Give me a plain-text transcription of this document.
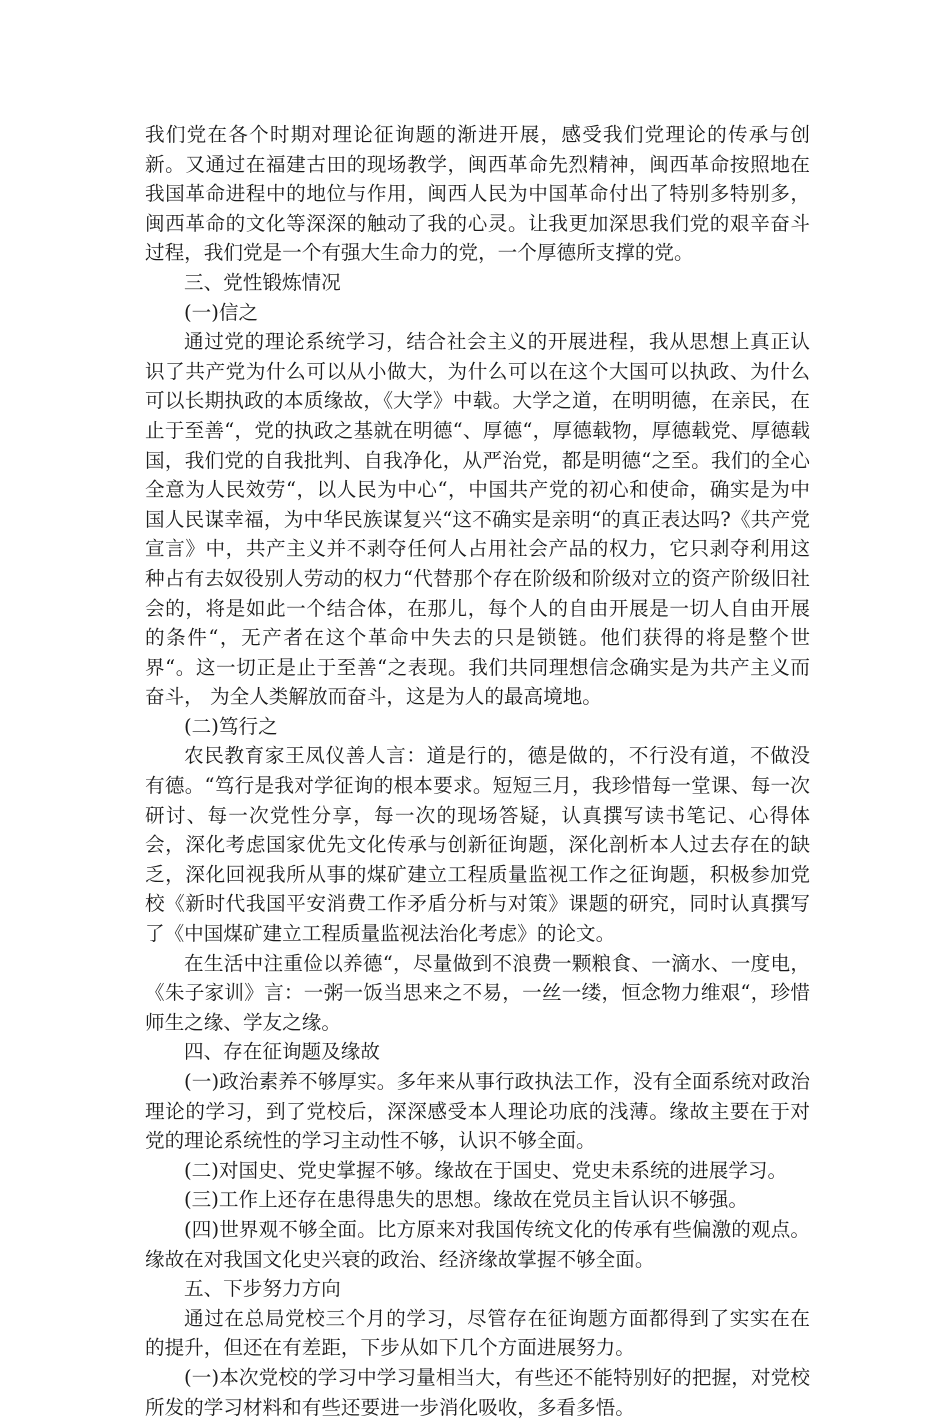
我们党在各个时期对理论征询题的渐进开展，感受我们党理论的传承与创新。又通过在福建古田的现场教学，闽西革命先烈精神，闽西革命按照地在我国革命进程中的地位与作用，闽西人民为中国革命付出了特别多特别多，闽西革命的文化等深深的触动了我的心灵。让我更加深思我们党的艰辛奋斗过程，我们党是一个有强大生命力的党，一个厚德所支撑的党。

三、党性锻炼情况

(一)信之

通过党的理论系统学习，结合社会主义的开展进程，我从思想上真正认识了共产党为什么可以从小做大，为什么可以在这个大国可以执政、为什么可以长期执政的本质缘故，《大学》中载。大学之道，在明明德，在亲民，在止于至善“，党的执政之基就在明德“、厚德“，厚德载物，厚德载党、厚德载国，我们党的自我批判、自我净化，从严治党，都是明德“之至。我们的全心全意为人民效劳“，以人民为中心“，中国共产党的初心和使命，确实是为中国人民谋幸福，为中华民族谋复兴“这不确实是亲明“的真正表达吗?《共产党宣言》中，共产主义并不剥夺任何人占用社会产品的权力，它只剥夺利用这种占有去奴役别人劳动的权力“代替那个存在阶级和阶级对立的资产阶级旧社会的，将是如此一个结合体，在那儿，每个人的自由开展是一切人自由开展的条件“，无产者在这个革命中失去的只是锁链。他们获得的将是整个世界“。这一切正是止于至善“之表现。我们共同理想信念确实是为共产主义而奋斗， 为全人类解放而奋斗，这是为人的最高境地。

(二)笃行之

农民教育家王凤仪善人言：道是行的，德是做的，不行没有道，不做没有德。“笃行是我对学征询的根本要求。短短三月，我珍惜每一堂课、每一次研讨、每一次党性分享，每一次的现场答疑，认真撰写读书笔记、心得体会，深化考虑国家优先文化传承与创新征询题，深化剖析本人过去存在的缺乏，深化回视我所从事的煤矿建立工程质量监视工作之征询题，积极参加党校《新时代我国平安消费工作矛盾分析与对策》课题的研究，同时认真撰写了《中国煤矿建立工程质量监视法治化考虑》的论文。

在生活中注重俭以养德“，尽量做到不浪费一颗粮食、一滴水、一度电，《朱子家训》言：一粥一饭当思来之不易，一丝一缕，恒念物力维艰“，珍惜师生之缘、学友之缘。

四、存在征询题及缘故

(一)政治素养不够厚实。多年来从事行政执法工作，没有全面系统对政治理论的学习，到了党校后，深深感受本人理论功底的浅薄。缘故主要在于对党的理论系统性的学习主动性不够，认识不够全面。

(二)对国史、党史掌握不够。缘故在于国史、党史未系统的进展学习。

(三)工作上还存在患得患失的思想。缘故在党员主旨认识不够强。

(四)世界观不够全面。比方原来对我国传统文化的传承有些偏激的观点。缘故在对我国文化史兴衰的政治、经济缘故掌握不够全面。

五、下步努力方向

通过在总局党校三个月的学习，尽管存在征询题方面都得到了实实在在的提升，但还在有差距，下步从如下几个方面进展努力。

(一)本次党校的学习中学习量相当大，有些还不能特别好的把握，对党校所发的学习材料和有些还要进一步消化吸收，多看多悟。
